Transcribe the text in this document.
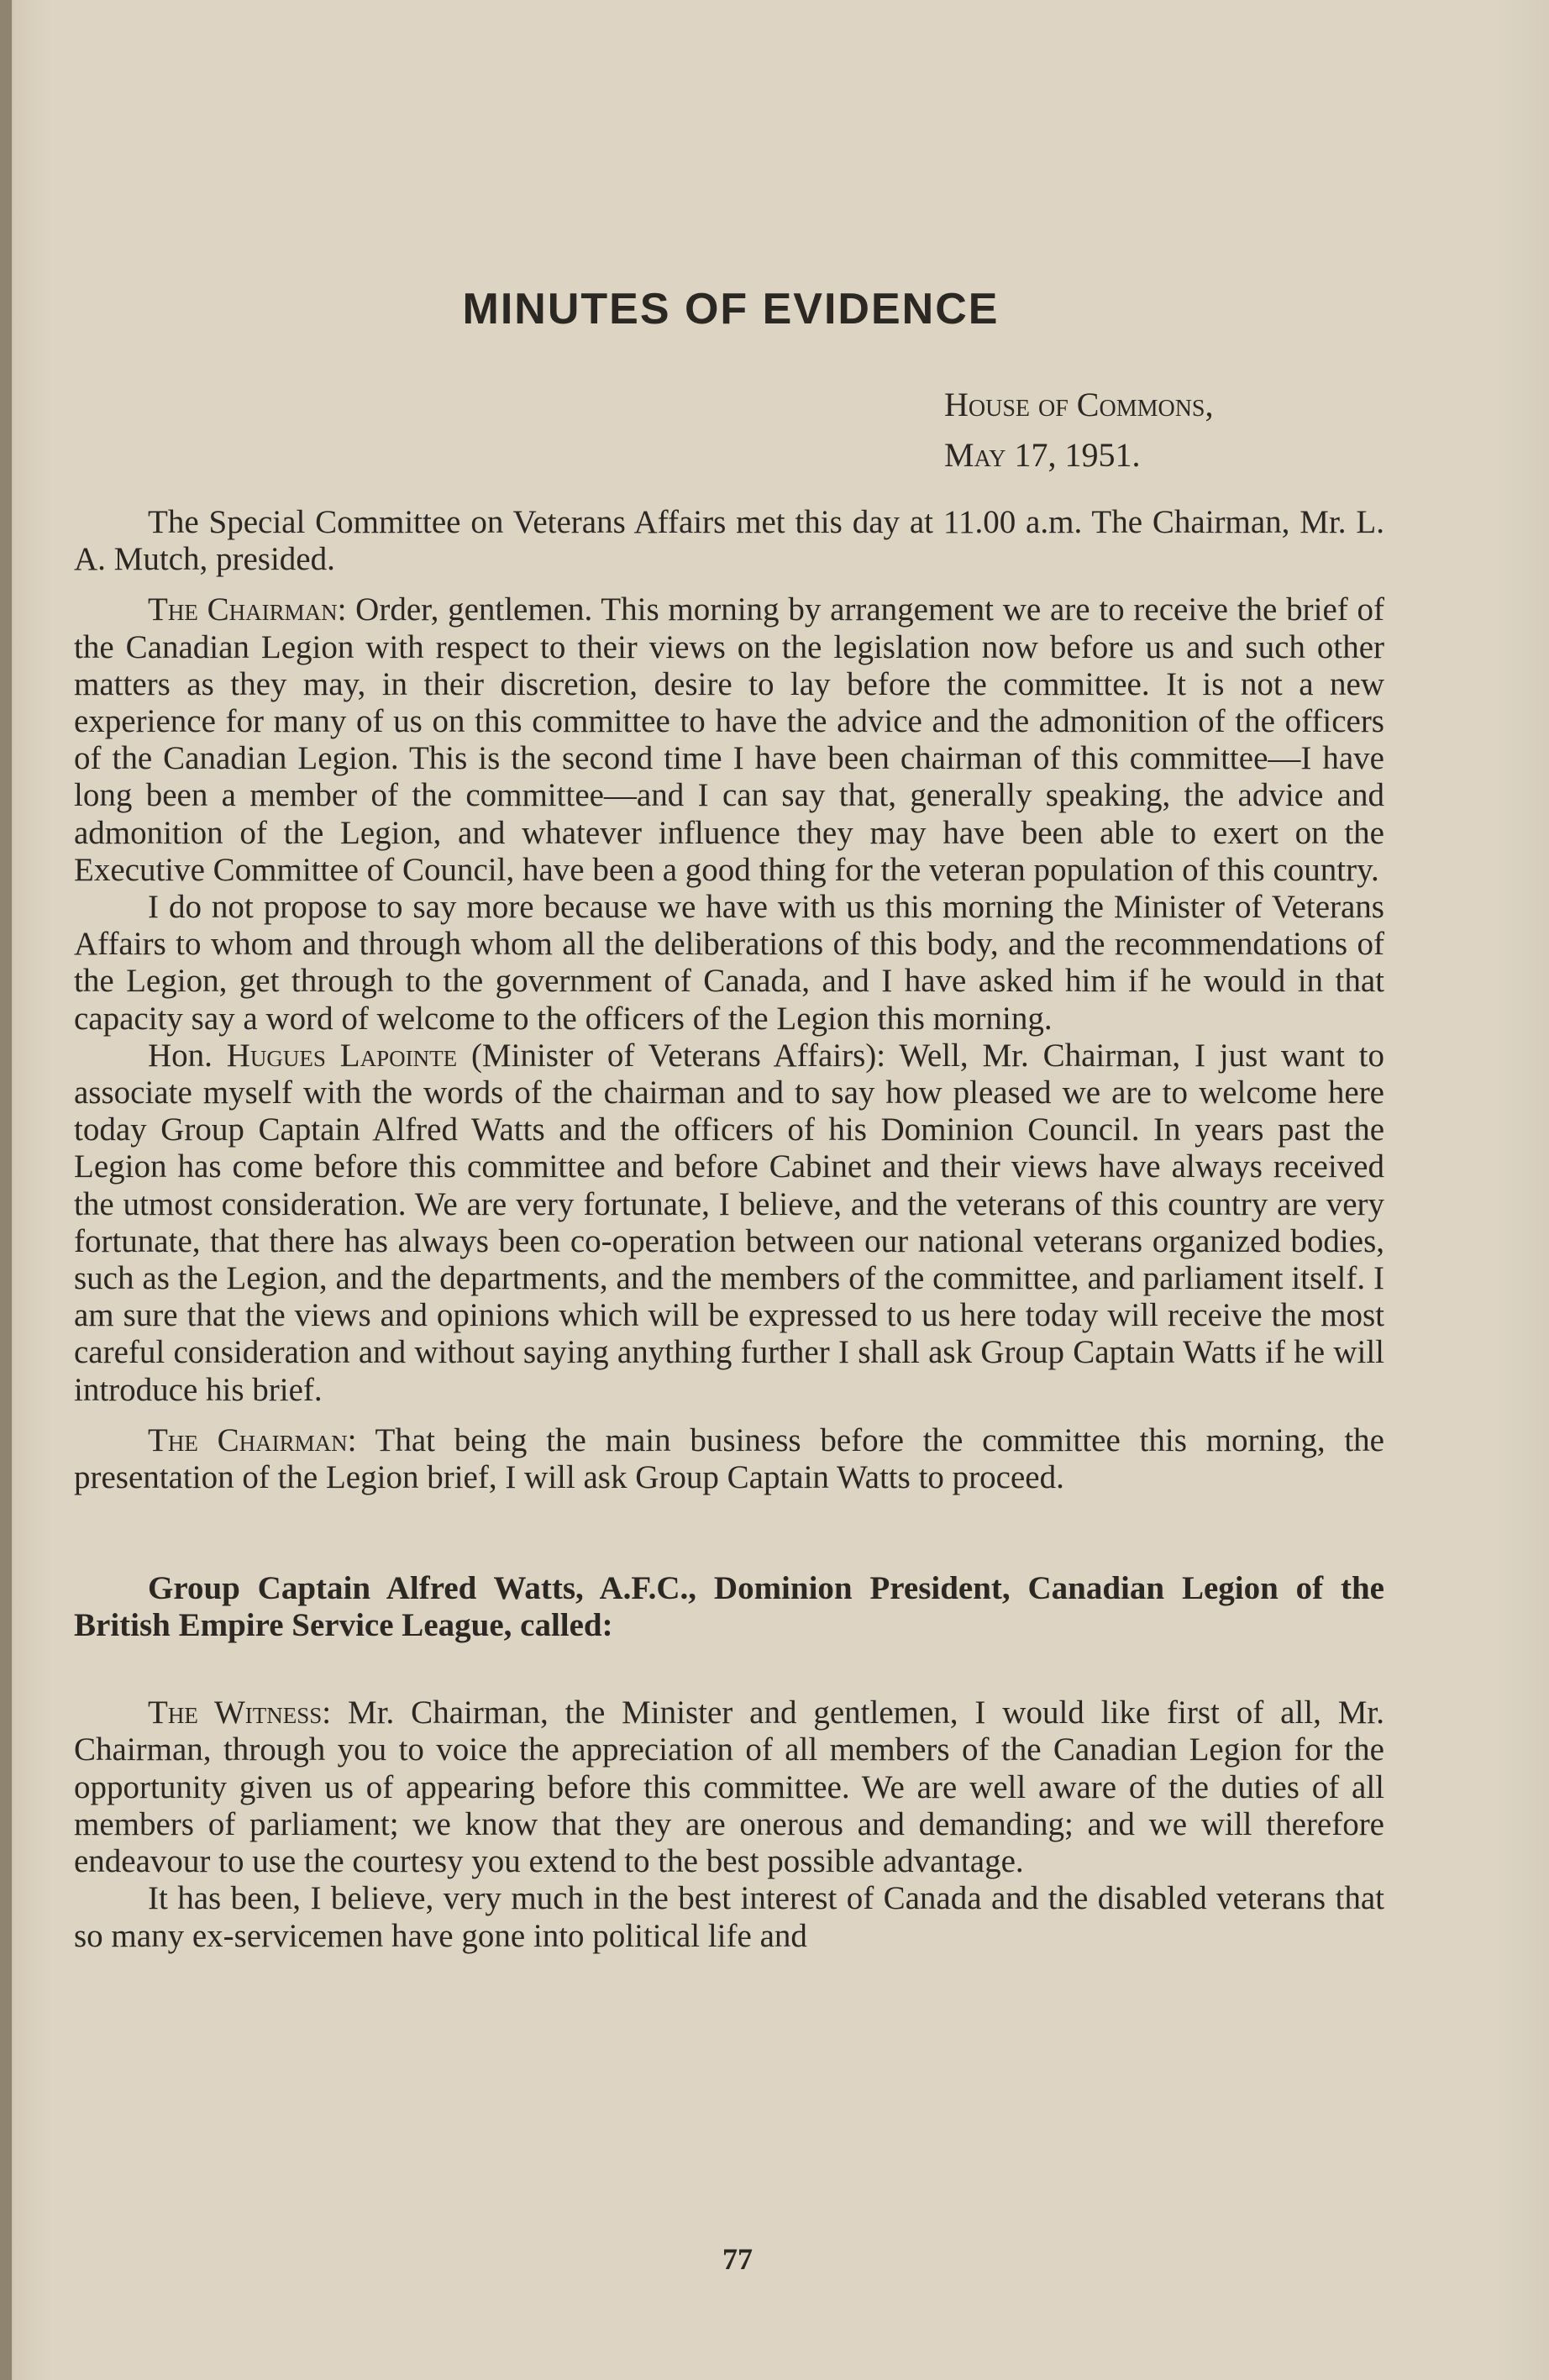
MINUTES OF EVIDENCE
House of Commons,
May 17, 1951.

The Special Committee on Veterans Affairs met this day at 11.00 a.m. The Chairman, Mr. L. A. Mutch, presided.

The Chairman: Order, gentlemen. This morning by arrangement we are to receive the brief of the Canadian Legion with respect to their views on the legislation now before us and such other matters as they may, in their discretion, desire to lay before the committee. It is not a new experience for many of us on this committee to have the advice and the admonition of the officers of the Canadian Legion. This is the second time I have been chairman of this committee—I have long been a member of the committee—and I can say that, generally speaking, the advice and admonition of the Legion, and whatever influence they may have been able to exert on the Executive Committee of Council, have been a good thing for the veteran population of this country.

I do not propose to say more because we have with us this morning the Minister of Veterans Affairs to whom and through whom all the deliberations of this body, and the recommendations of the Legion, get through to the government of Canada, and I have asked him if he would in that capacity say a word of welcome to the officers of the Legion this morning.

Hon. Hugues Lapointe (Minister of Veterans Affairs): Well, Mr. Chairman, I just want to associate myself with the words of the chairman and to say how pleased we are to welcome here today Group Captain Alfred Watts and the officers of his Dominion Council. In years past the Legion has come before this committee and before Cabinet and their views have always received the utmost consideration. We are very fortunate, I believe, and the veterans of this country are very fortunate, that there has always been co-operation between our national veterans organized bodies, such as the Legion, and the departments, and the members of the committee, and parliament itself. I am sure that the views and opinions which will be expressed to us here today will receive the most careful consideration and without saying anything further I shall ask Group Captain Watts if he will introduce his brief.

The Chairman: That being the main business before the committee this morning, the presentation of the Legion brief, I will ask Group Captain Watts to proceed.

Group Captain Alfred Watts, A.F.C., Dominion President, Canadian Legion of the British Empire Service League, called:

The Witness: Mr. Chairman, the Minister and gentlemen, I would like first of all, Mr. Chairman, through you to voice the appreciation of all members of the Canadian Legion for the opportunity given us of appearing before this committee. We are well aware of the duties of all members of parliament; we know that they are onerous and demanding; and we will therefore endeavour to use the courtesy you extend to the best possible advantage.

It has been, I believe, very much in the best interest of Canada and the disabled veterans that so many ex-servicemen have gone into political life and

77
